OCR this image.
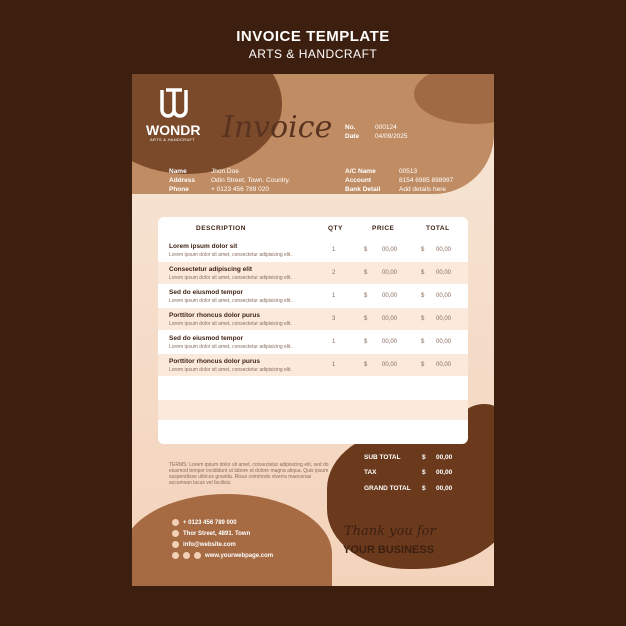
INVOICE TEMPLATE
ARTS & HANDCRAFT
WONDR
ARTS & HANDCRAFT Invoice No.	000124
Date 04/09/2025
Name	Jhon Doe
Address Odin Street, Town. Country.
Phone	+ 0123 456 789 020
A/C Name	00513
Account	8154 6985 898997
Bank Detail	Add details here
DESCRIPTION	QTY	PRICE	TOTAL
Lorem ipsum dolor sit
Lorem ipsum dolor sit amet, consectetur adipisicing elit.
1	$ 00,00	$ 00,00
Consectetur adipiscing elit
Lorem ipsum dolor sit amet, consectetur adipisicing elit.
2	$ 00,00	$ 00,00
Sed do eiusmod tempor
Lorem ipsum dolor sit amet, consectetur adipisicing elit.
1	$ 00,00	$ 00,00
Porttitor rhoncus dolor purus
Lorem ipsum dolor sit amet, consectetur adipisicing elit.
3	$ 00,00	$ 00,00
Sed do eiusmod tempor
Lorem ipsum dolor sit amet, consectetur adipisicing elit.
1	$ 00,00	$ 00,00
Porttitor rhoncus dolor purus
Lorem ipsum dolor sit amet, consectetur adipisicing elit.
1	$ 00,00	$ 00,00
TERMS: Lorem ipsum dolor sit amet, consectetur adipisicing elit, sed do eiusmod tempor incididunt ut labore et dolore magna aliqua. Quis ipsum suspendisse ultrices gravida. Risus commodo viverra maecenas accumsan lacus vel facilisis.
SUB TOTAL	$ 00,00
TAX	$ 00,00
GRAND TOTAL $ 00,00
+ 0123 456 789 000
Thor Street, 4891. Town
info@website.com
www.yourwebpage.com
Thank you for
YOUR BUSINESS
